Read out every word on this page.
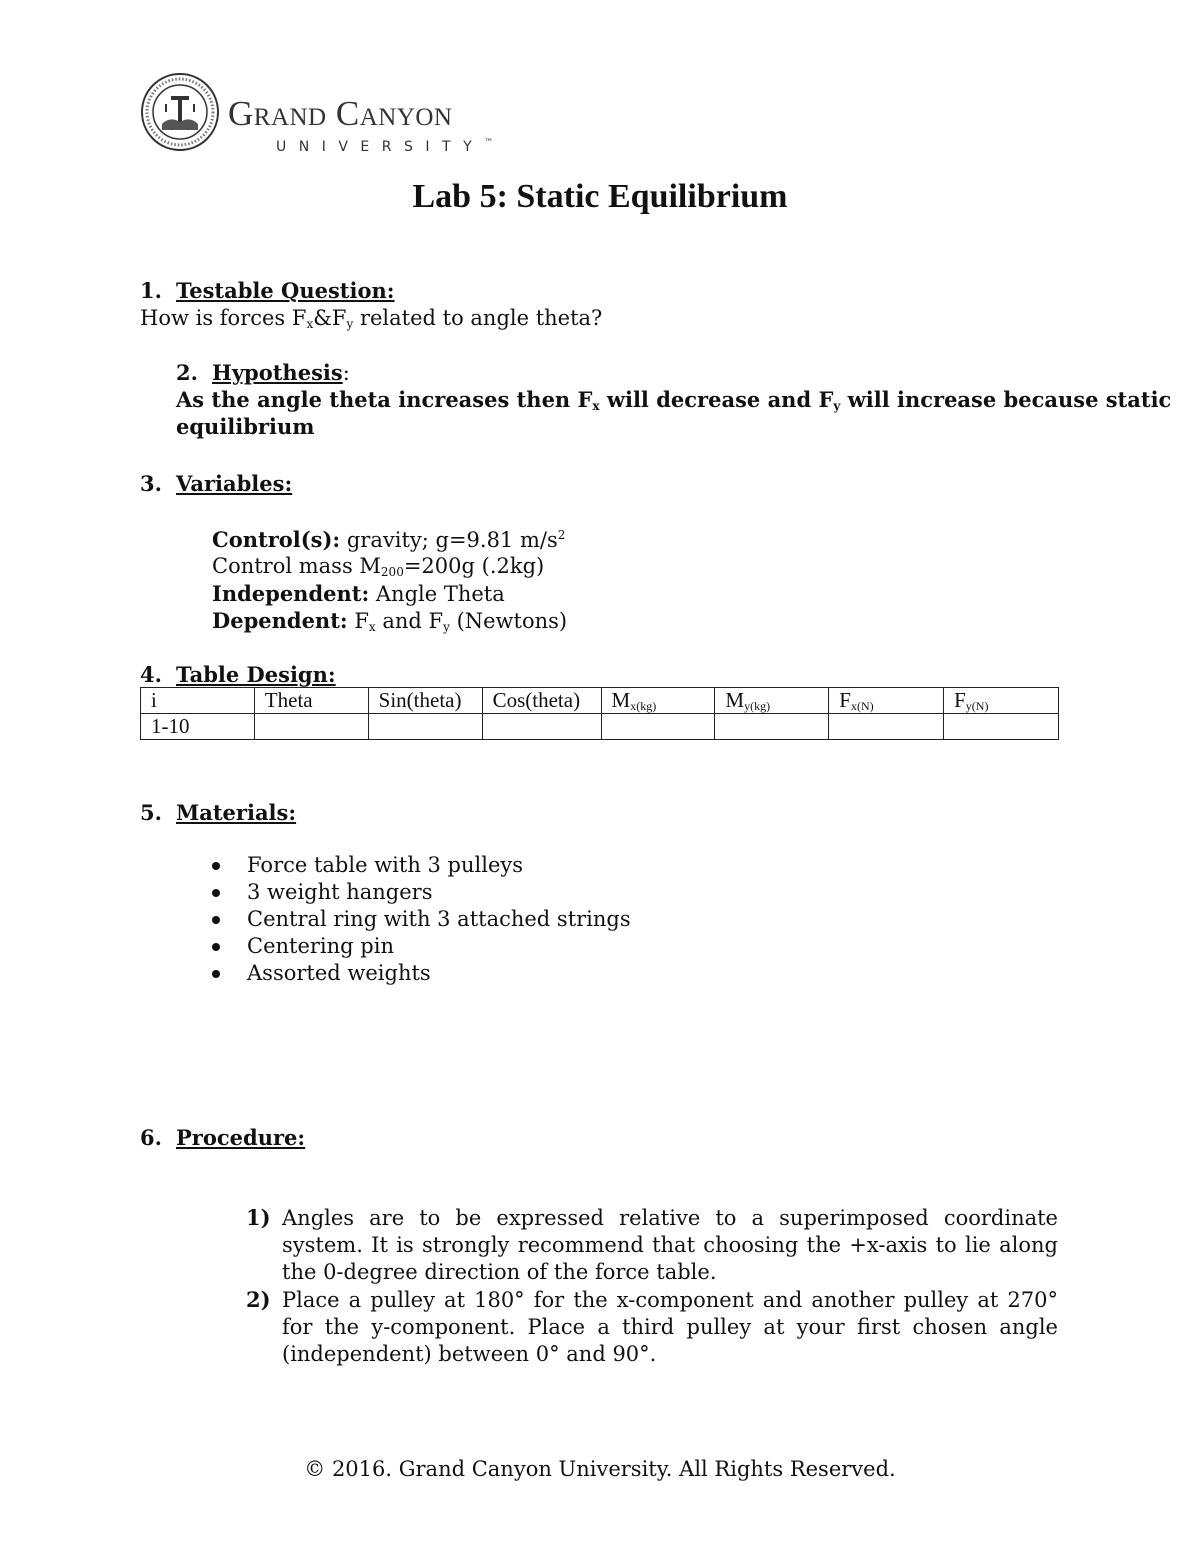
Grand Canyon
UNIVERSITY™
Lab 5: Static Equilibrium
1. Testable Question:
How is forces $F_x\&F_y$ related to angle theta?
2. Hypothesis:
As the angle theta increases then $F_x$ will decrease and $F_y$ will increase because static
equilibrium
3. Variables:
Control(s): gravity; g=9.81 $m/s^2$
Control mass $M_{200}=200g$ (.2kg)
Independent: Angle Theta
Dependent: $F_x$ and $F_y$ (Newtons)
4. Table Design:
i	Theta	Sin(theta)	Cos(theta)	$M_{x(kg)}$	$M_{y(kg)}$	$F_{x(N)}$	$F_{y(N)}$
1-10							
5. Materials:
Force table with 3 pulleys
3 weight hangers
Central ring with 3 attached strings
Centering pin
Assorted weights
6. Procedure:
1) Angles are to be expressed relative to a superimposed coordinate system. It is strongly recommend that choosing the +x-axis to lie along the 0-degree direction of the force table.
2) Place a pulley at 180° for the x-component and another pulley at 270° for the y-component. Place a third pulley at your first chosen angle (independent) between 0° and 90°.
© 2016. Grand Canyon University. All Rights Reserved.
